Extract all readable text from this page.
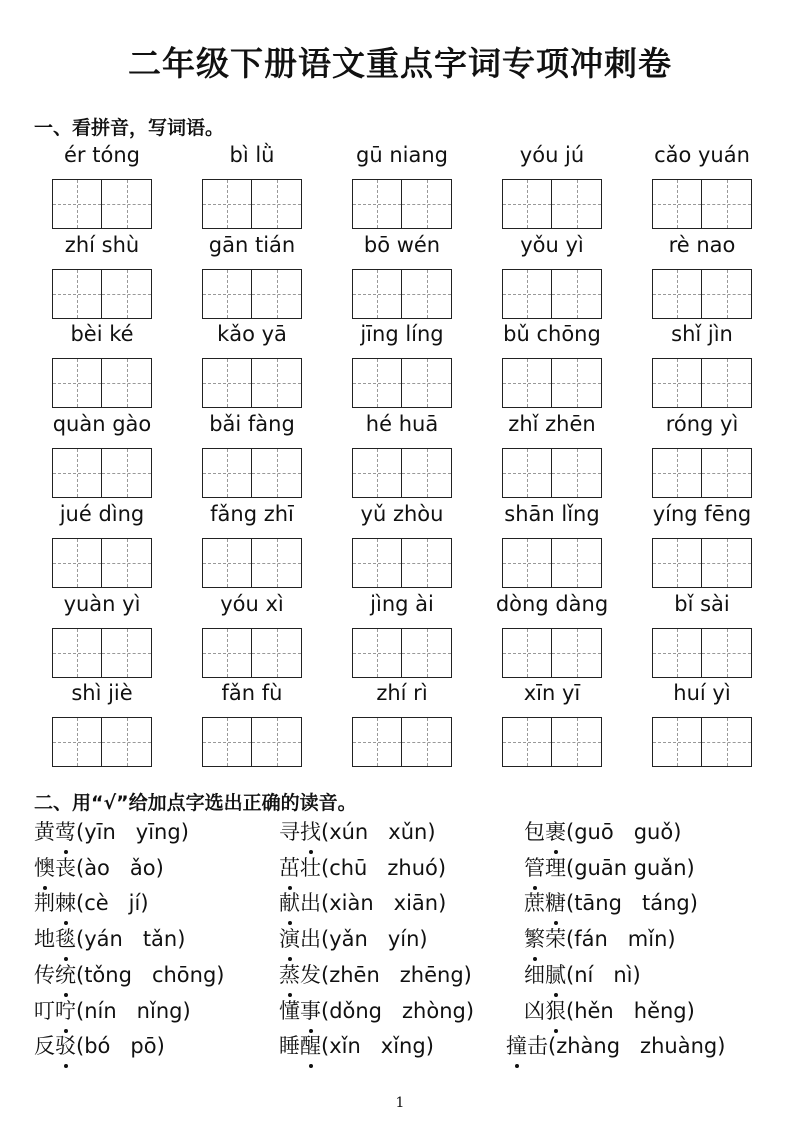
二年级下册语文重点字词专项冲刺卷
一、看拼音，写词语。
ér tóng	bì lǜ	gū niang	yóu jú	cǎo yuán
zhí shù	gān tián	bō wén	yǒu yì	rè nao
bèi ké	kǎo yā	jīng líng	bǔ chōng	shǐ jìn
quàn gào	bǎi fàng	hé huā	zhǐ zhēn	róng yì
jué dìng	fǎng zhī	yǔ zhòu	shān lǐng	yíng fēng
yuàn yì	yóu xì	jìng ài	dòng dàng	bǐ sài
shì jiè	fǎn fù	zhí rì	xīn yī	huí yì
二、用“√”给加点字选出正确的读音。
黄莺(yīn   yīng)	寻找(xún   xǔn)	包裹(guō   guǒ)
懊丧(ào   ǎo)	茁壮(chū   zhuó)	管理(guān guǎn)
荆棘(cè   jí)	献出(xiàn   xiān)	蔗糖(tāng   táng)
地毯(yán   tǎn)	演出(yǎn   yín)	繁荣(fán   mǐn)
传统(tǒng   chōng)	蒸发(zhēn   zhēng) 细腻(ní   nì)
叮咛(nín   nǐng)	懂事(dǒng   zhòng) 凶狠(hěn   hěng)
反驳(bó   pō)	睡醒(xǐn   xǐng)	撞击(zhàng   zhuàng)
1
